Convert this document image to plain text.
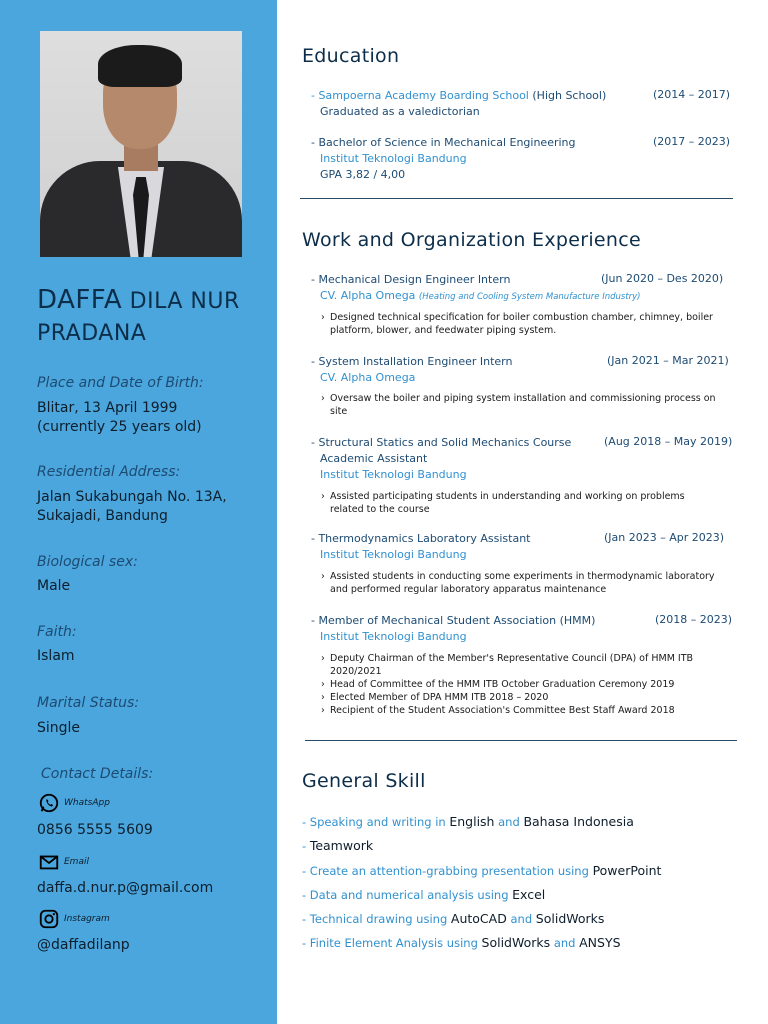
DAFFA DILA NUR PRADANA
Place and Date of Birth:
Blitar, 13 April 1999
(currently 25 years old)
Residential Address:
Jalan Sukabungah No. 13A,
Sukajadi, Bandung
Biological sex:
Male
Faith:
Islam
Marital Status:
Single
Contact Details:
WhatsApp
0856 5555 5609
Email
daffa.d.nur.p@gmail.com
Instagram
@daffadilanp
Education
- Sampoerna Academy Boarding School (High School)
Graduated as a valedictorian
(2014 – 2017)
- Bachelor of Science in Mechanical Engineering
Institut Teknologi Bandung
GPA 3,82 / 4,00
(2017 – 2023)
Work and Organization Experience
- Mechanical Design Engineer Intern
CV. Alpha Omega (Heating and Cooling System Manufacture Industry)
(Jun 2020 – Des 2020)
› Designed technical specification for boiler combustion chamber, chimney, boiler platform, blower, and feedwater piping system.
- System Installation Engineer Intern
CV. Alpha Omega
(Jan 2021 – Mar 2021)
› Oversaw the boiler and piping system installation and commissioning process on site
- Structural Statics and Solid Mechanics Course
Academic Assistant
Institut Teknologi Bandung
(Aug 2018 – May 2019)
› Assisted participating students in understanding and working on problems related to the course
- Thermodynamics Laboratory Assistant
Institut Teknologi Bandung
(Jan 2023 – Apr 2023)
› Assisted students in conducting some experiments in thermodynamic laboratory and performed regular laboratory apparatus maintenance
- Member of Mechanical Student Association (HMM)
Institut Teknologi Bandung
(2018 – 2023)
› Deputy Chairman of the Member's Representative Council (DPA) of HMM ITB 2020/2021
› Head of Committee of the HMM ITB October Graduation Ceremony 2019
› Elected Member of DPA HMM ITB 2018 – 2020
› Recipient of the Student Association's Committee Best Staff Award 2018
General Skill
- Speaking and writing in English and Bahasa Indonesia
- Teamwork
- Create an attention-grabbing presentation using PowerPoint
- Data and numerical analysis using Excel
- Technical drawing using AutoCAD and SolidWorks
- Finite Element Analysis using SolidWorks and ANSYS
